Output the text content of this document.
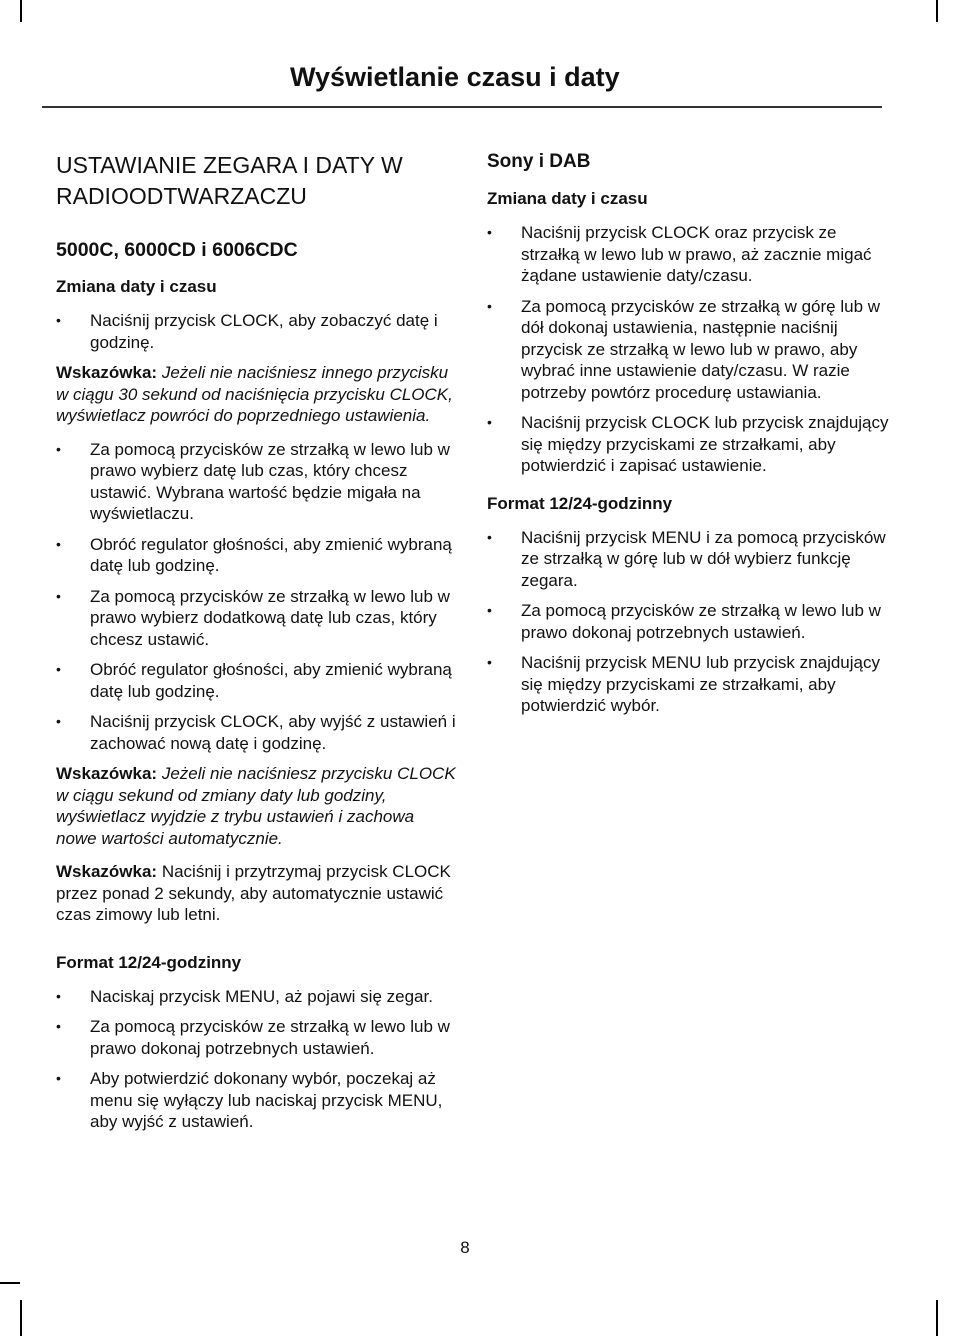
Wyświetlanie czasu i daty
USTAWIANIE ZEGARA I DATY W RADIOODTWARZACZU
5000C, 6000CD i 6006CDC
Zmiana daty i czasu
• Naciśnij przycisk CLOCK, aby zobaczyć datę i godzinę.

Wskazówka: Jeżeli nie naciśniesz innego przycisku w ciągu 30 sekund od naciśnięcia przycisku CLOCK, wyświetlacz powróci do poprzedniego ustawienia.

• Za pomocą przycisków ze strzałką w lewo lub w prawo wybierz datę lub czas, który chcesz ustawić. Wybrana wartość będzie migała na wyświetlaczu.
• Obróć regulator głośności, aby zmienić wybraną datę lub godzinę.
• Za pomocą przycisków ze strzałką w lewo lub w prawo wybierz dodatkową datę lub czas, który chcesz ustawić.
• Obróć regulator głośności, aby zmienić wybraną datę lub godzinę.
• Naciśnij przycisk CLOCK, aby wyjść z ustawień i zachować nową datę i godzinę.

Wskazówka: Jeżeli nie naciśniesz przycisku CLOCK w ciągu sekund od zmiany daty lub godziny, wyświetlacz wyjdzie z trybu ustawień i zachowa nowe wartości automatycznie.

Wskazówka: Naciśnij i przytrzymaj przycisk CLOCK przez ponad 2 sekundy, aby automatycznie ustawić czas zimowy lub letni.

Format 12/24-godzinny
• Naciskaj przycisk MENU, aż pojawi się zegar.
• Za pomocą przycisków ze strzałką w lewo lub w prawo dokonaj potrzebnych ustawień.
• Aby potwierdzić dokonany wybór, poczekaj aż menu się wyłączy lub naciskaj przycisk MENU, aby wyjść z ustawień.
Sony i DAB
Zmiana daty i czasu
• Naciśnij przycisk CLOCK oraz przycisk ze strzałką w lewo lub w prawo, aż zacznie migać żądane ustawienie daty/czasu.
• Za pomocą przycisków ze strzałką w górę lub w dół dokonaj ustawienia, następnie naciśnij przycisk ze strzałką w lewo lub w prawo, aby wybrać inne ustawienie daty/czasu. W razie potrzeby powtórz procedurę ustawiania.
• Naciśnij przycisk CLOCK lub przycisk znajdujący się między przyciskami ze strzałkami, aby potwierdzić i zapisać ustawienie.
Format 12/24-godzinny
• Naciśnij przycisk MENU i za pomocą przycisków ze strzałką w górę lub w dół wybierz funkcję zegara.
• Za pomocą przycisków ze strzałką w lewo lub w prawo dokonaj potrzebnych ustawień.
• Naciśnij przycisk MENU lub przycisk znajdujący się między przyciskami ze strzałkami, aby potwierdzić wybór.
8
